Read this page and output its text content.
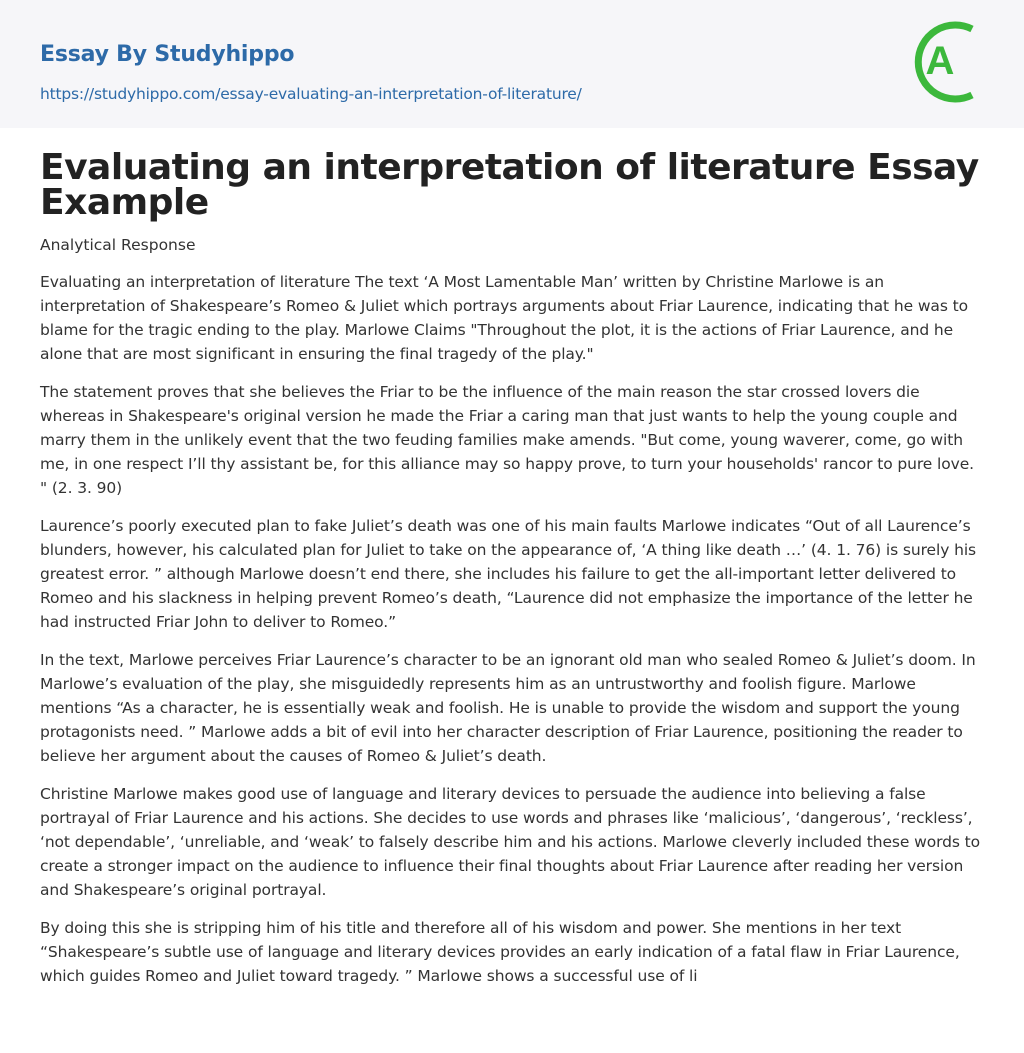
Essay By Studyhippo
https://studyhippo.com/essay-evaluating-an-interpretation-of-literature/
A
Evaluating an interpretation of literature Essay Example
Analytical Response

Evaluating an interpretation of literature The text ‘A Most Lamentable Man’ written by Christine Marlowe is an interpretation of Shakespeare’s Romeo & Juliet which portrays arguments about Friar Laurence, indicating that he was to blame for the tragic ending to the play. Marlowe Claims "Throughout the plot, it is the actions of Friar Laurence, and he alone that are most significant in ensuring the final tragedy of the play."

The statement proves that she believes the Friar to be the influence of the main reason the star crossed lovers die whereas in Shakespeare's original version he made the Friar a caring man that just wants to help the young couple and marry them in the unlikely event that the two feuding families make amends. "But come, young waverer, come, go with me, in one respect I’ll thy assistant be, for this alliance may so happy prove, to turn your households' rancor to pure love. " (2. 3. 90)

Laurence’s poorly executed plan to fake Juliet’s death was one of his main faults Marlowe indicates “Out of all Laurence’s blunders, however, his calculated plan for Juliet to take on the appearance of, ‘A thing like death …’ (4. 1. 76) is surely his greatest error. ” although Marlowe doesn’t end there, she includes his failure to get the all-important letter delivered to Romeo and his slackness in helping prevent Romeo’s death, “Laurence did not emphasize the importance of the letter he had instructed Friar John to deliver to Romeo.”

In the text, Marlowe perceives Friar Laurence’s character to be an ignorant old man who sealed Romeo & Juliet’s doom. In Marlowe’s evaluation of the play, she misguidedly represents him as an untrustworthy and foolish figure. Marlowe mentions “As a character, he is essentially weak and foolish. He is unable to provide the wisdom and support the young protagonists need. ” Marlowe adds a bit of evil into her character description of Friar Laurence, positioning the reader to believe her argument about the causes of Romeo & Juliet’s death.

Christine Marlowe makes good use of language and literary devices to persuade the audience into believing a false portrayal of Friar Laurence and his actions. She decides to use words and phrases like ‘malicious’, ‘dangerous’, ‘reckless’, ‘not dependable’, ‘unreliable, and ‘weak’ to falsely describe him and his actions. Marlowe cleverly included these words to create a stronger impact on the audience to influence their final thoughts about Friar Laurence after reading her version and Shakespeare’s original portrayal.

By doing this she is stripping him of his title and therefore all of his wisdom and power. She mentions in her text “Shakespeare’s subtle use of language and literary devices provides an early indication of a fatal flaw in Friar Laurence, which guides Romeo and Juliet toward tragedy. ” Marlowe shows a successful use of li
